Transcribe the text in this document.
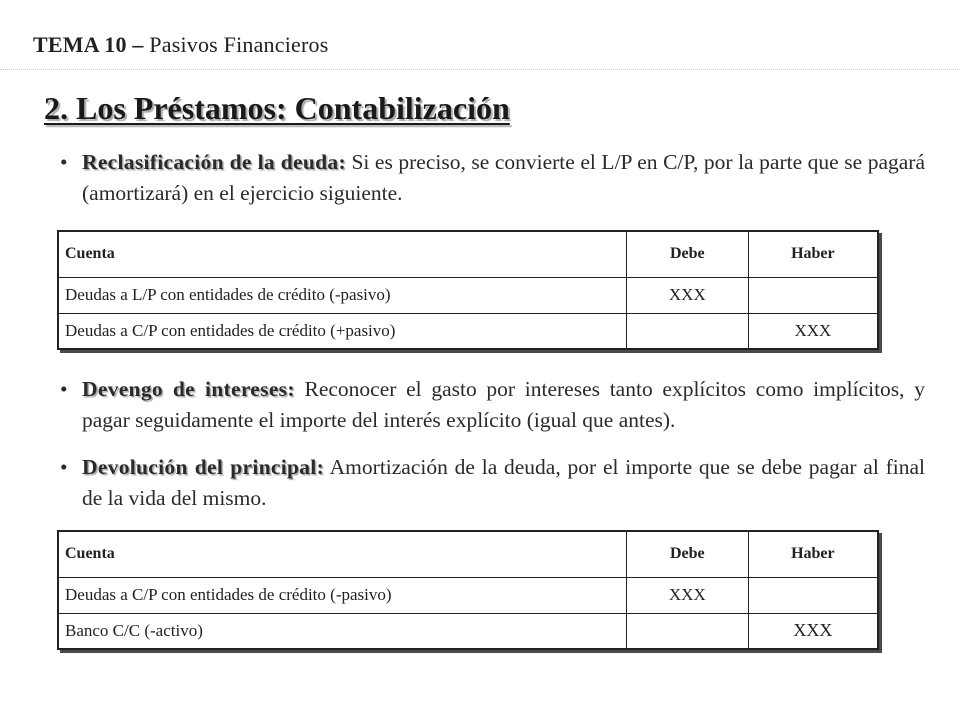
TEMA 10 – Pasivos Financieros
2. Los Préstamos: Contabilización
• Reclasificación de la deuda: Si es preciso, se convierte el L/P en C/P, por la parte que se pagará (amortizará) en el ejercicio siguiente.
Cuenta	Debe	Haber
Deudas a L/P con entidades de crédito (-pasivo)	XXX	
Deudas a C/P con entidades de crédito (+pasivo)		XXX
• Devengo de intereses: Reconocer el gasto por intereses tanto explícitos como implícitos, y pagar seguidamente el importe del interés explícito (igual que antes).
• Devolución del principal: Amortización de la deuda, por el importe que se debe pagar al final de la vida del mismo.
Cuenta	Debe	Haber
Deudas a C/P con entidades de crédito (-pasivo)	XXX	
Banco C/C (-activo)		XXX
